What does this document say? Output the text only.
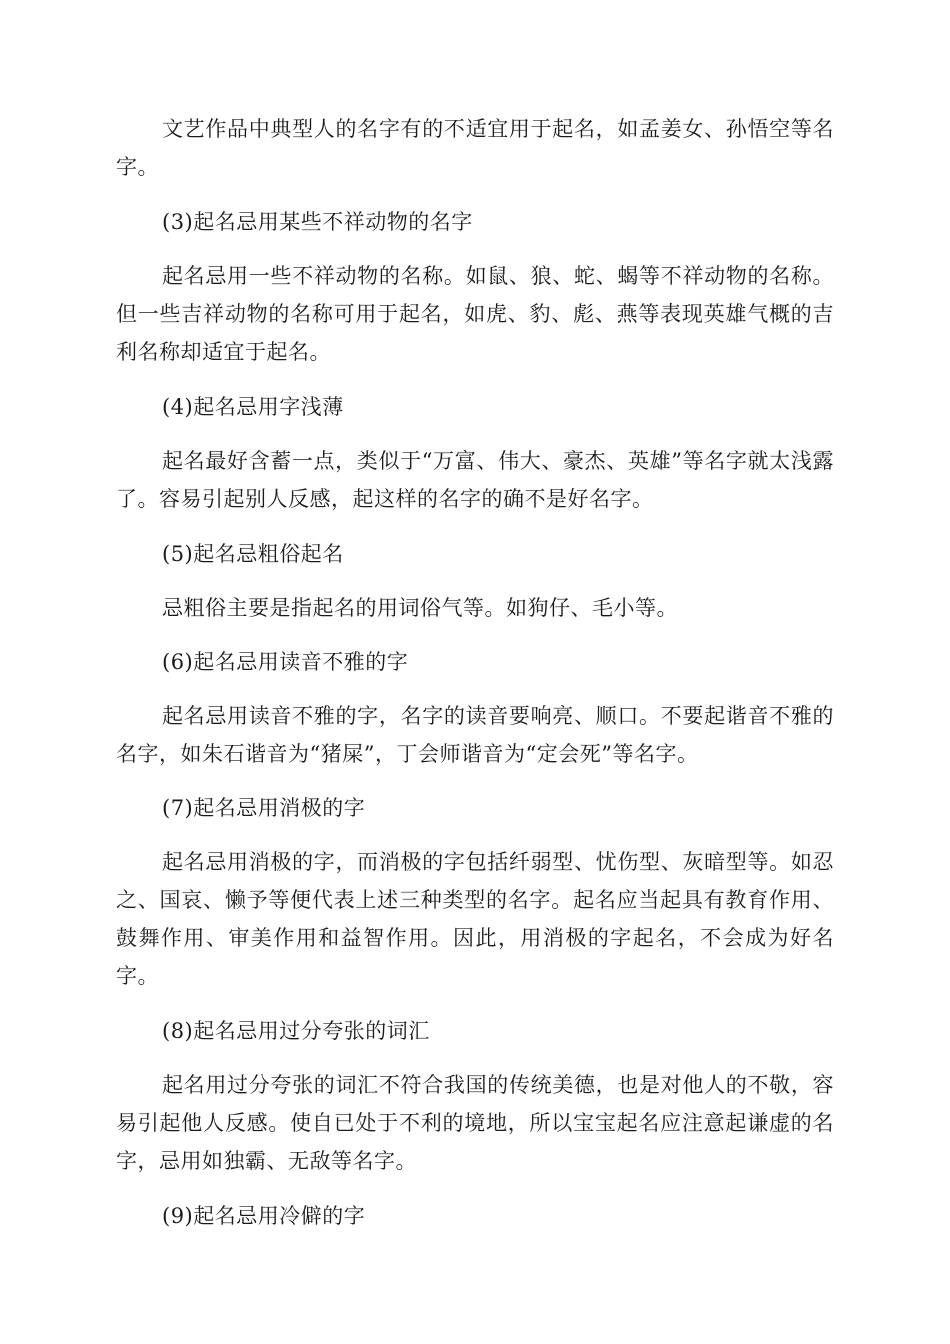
文艺作品中典型人的名字有的不适宜用于起名，如孟姜女、孙悟空等名字。

(3)起名忌用某些不祥动物的名字

起名忌用一些不祥动物的名称。如鼠、狼、蛇、蝎等不祥动物的名称。但一些吉祥动物的名称可用于起名，如虎、豹、彪、燕等表现英雄气概的吉利名称却适宜于起名。

(4)起名忌用字浅薄

起名最好含蓄一点，类似于“万富、伟大、豪杰、英雄”等名字就太浅露了。容易引起别人反感，起这样的名字的确不是好名字。

(5)起名忌粗俗起名

忌粗俗主要是指起名的用词俗气等。如狗仔、毛小等。

(6)起名忌用读音不雅的字

起名忌用读音不雅的字，名字的读音要响亮、顺口。不要起谐音不雅的名字，如朱石谐音为“猪屎”，丁会师谐音为“定会死”等名字。

(7)起名忌用消极的字

起名忌用消极的字，而消极的字包括纤弱型、忧伤型、灰暗型等。如忍之、国哀、懒予等便代表上述三种类型的名字。起名应当起具有教育作用、鼓舞作用、审美作用和益智作用。因此，用消极的字起名，不会成为好名字。

(8)起名忌用过分夸张的词汇

起名用过分夸张的词汇不符合我国的传统美德，也是对他人的不敬，容易引起他人反感。使自已处于不利的境地，所以宝宝起名应注意起谦虚的名字，忌用如独霸、无敌等名字。

(9)起名忌用冷僻的字
